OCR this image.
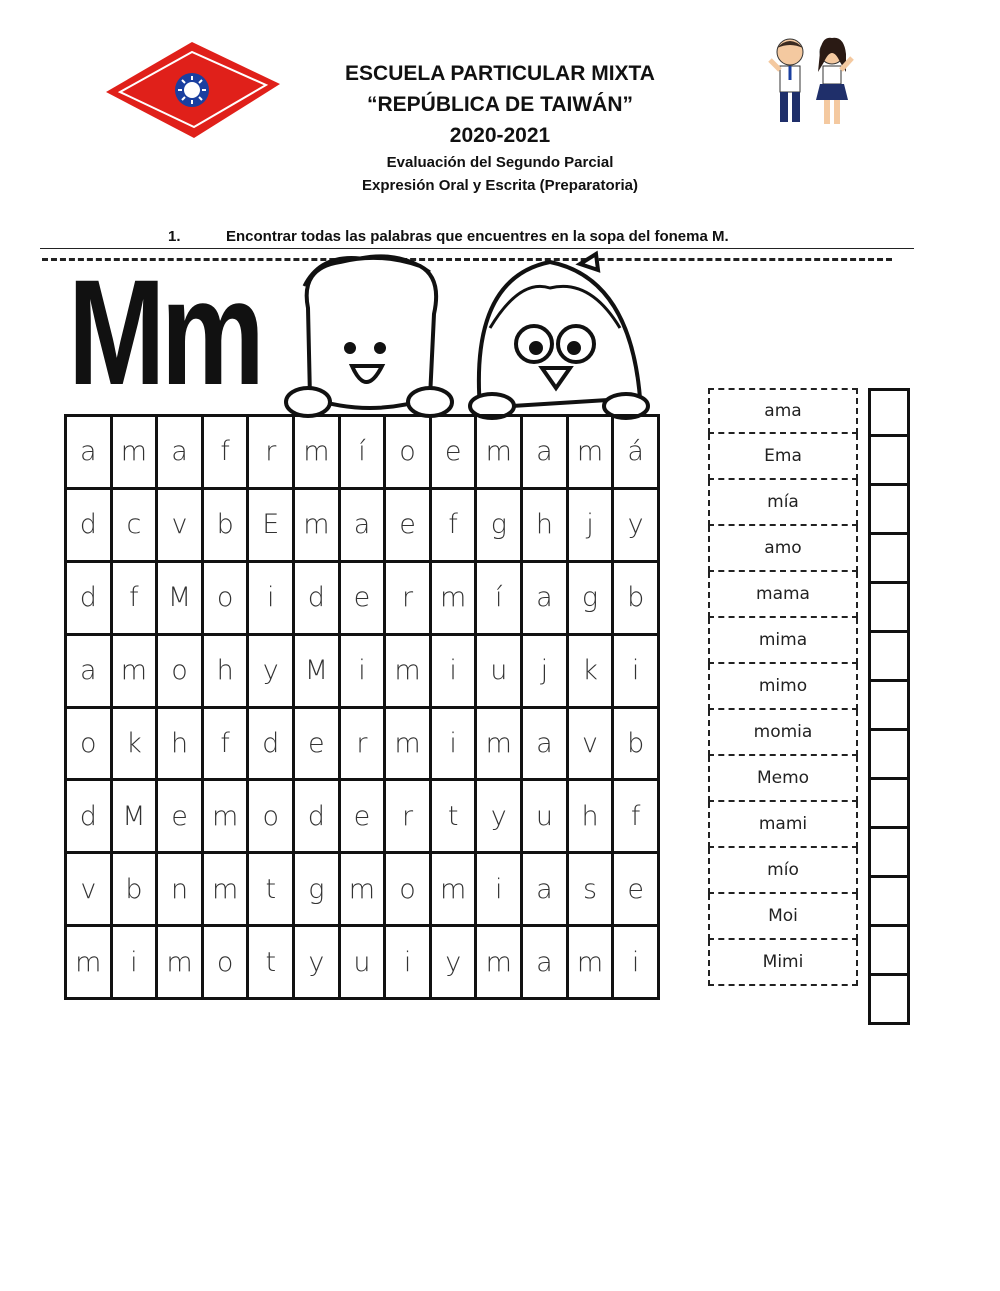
ESCUELA PARTICULAR MIXTA
“REPÚBLICA DE TAIWÁN”
2020-2021
Evaluación del Segundo Parcial
Expresión Oral y Escrita (Preparatoria)
1.	Encontrar todas las palabras que encuentres en la sopa del fonema M.
Mm
a	m	a	f	r	m	í	o	e	m	a	m	á
d	c	v	b	E	m	a	e	f	g	h	j	y
d	f	M	o	i	d	e	r	m	í	a	g	b
a	m	o	h	y	M	i	m	i	u	j	k	i
o	k	h	f	d	e	r	m	i	m	a	v	b
d	M	e	m	o	d	e	r	t	y	u	h	f
v	b	n	m	t	g	m	o	m	i	a	s	e
m	i	m	o	t	y	u	i	y	m	a	m	i
ama
Ema
mía
amo
mama
mima
mimo
momia
Memo
mami
mío
Moi
Mimi
